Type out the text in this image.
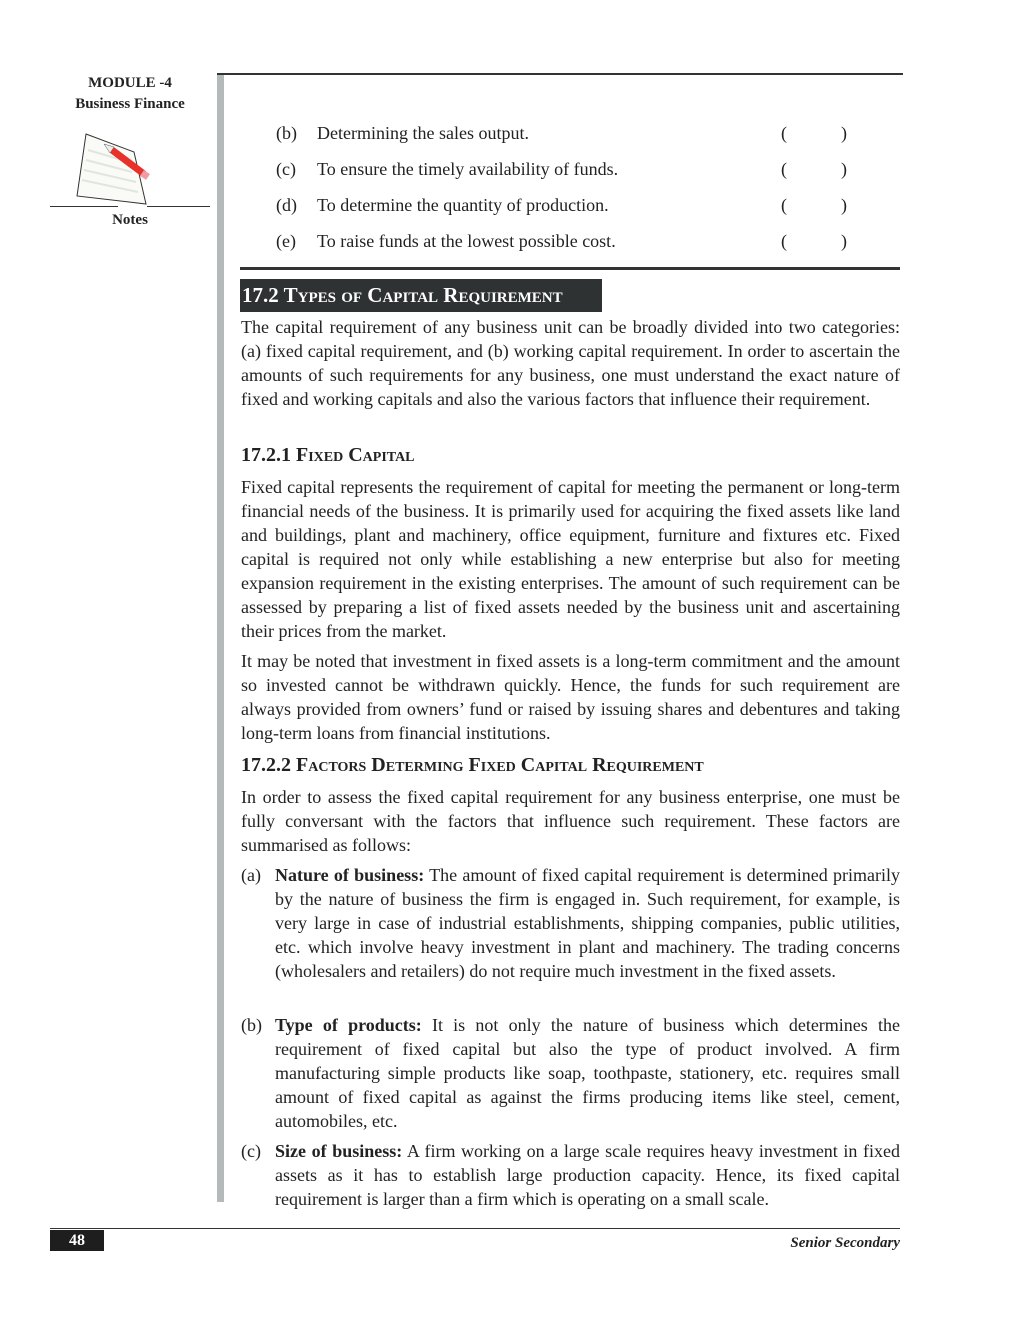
MODULE -4
Business Finance
Notes
(b) Determining the sales output.	(	)
(c) To ensure the timely availability of funds.	(	)
(d) To determine the quantity of production.	(	)
(e) To raise funds at the lowest possible cost.	(	)
17.2 Types of Capital Requirement
The capital requirement of any business unit can be broadly divided into two categories: (a) fixed capital requirement, and (b) working capital requirement. In order to ascertain the amounts of such requirements for any business, one must understand the exact nature of fixed and working capitals and also the various factors that influence their requirement.
17.2.1 Fixed Capital
Fixed capital represents the requirement of capital for meeting the permanent or long-term financial needs of the business. It is primarily used for acquiring the fixed assets like land and buildings, plant and machinery, office equipment, furniture and fixtures etc. Fixed capital is required not only while establishing a new enterprise but also for meeting expansion requirement in the existing enterprises. The amount of such requirement can be assessed by preparing a list of fixed assets needed by the business unit and ascertaining their prices from the market.
It may be noted that investment in fixed assets is a long-term commitment and the amount so invested cannot be withdrawn quickly. Hence, the funds for such requirement are always provided from owners’ fund or raised by issuing shares and debentures and taking long-term loans from financial institutions.
17.2.2 Factors Determing Fixed Capital Requirement
In order to assess the fixed capital requirement for any business enterprise, one must be fully conversant with the factors that influence such requirement. These factors are summarised as follows:
(a) Nature of business: The amount of fixed capital requirement is determined primarily by the nature of business the firm is engaged in. Such requirement, for example, is very large in case of industrial establishments, shipping companies, public utilities, etc. which involve heavy investment in plant and machinery. The trading concerns (wholesalers and retailers) do not require much investment in the fixed assets.
(b) Type of products: It is not only the nature of business which determines the requirement of fixed capital but also the type of product involved. A firm manufacturing simple products like soap, toothpaste, stationery, etc. requires small amount of fixed capital as against the firms producing items like steel, cement, automobiles, etc.
(c) Size of business: A firm working on a large scale requires heavy investment in fixed assets as it has to establish large production capacity. Hence, its fixed capital requirement is larger than a firm which is operating on a small scale.
48	Senior Secondary
